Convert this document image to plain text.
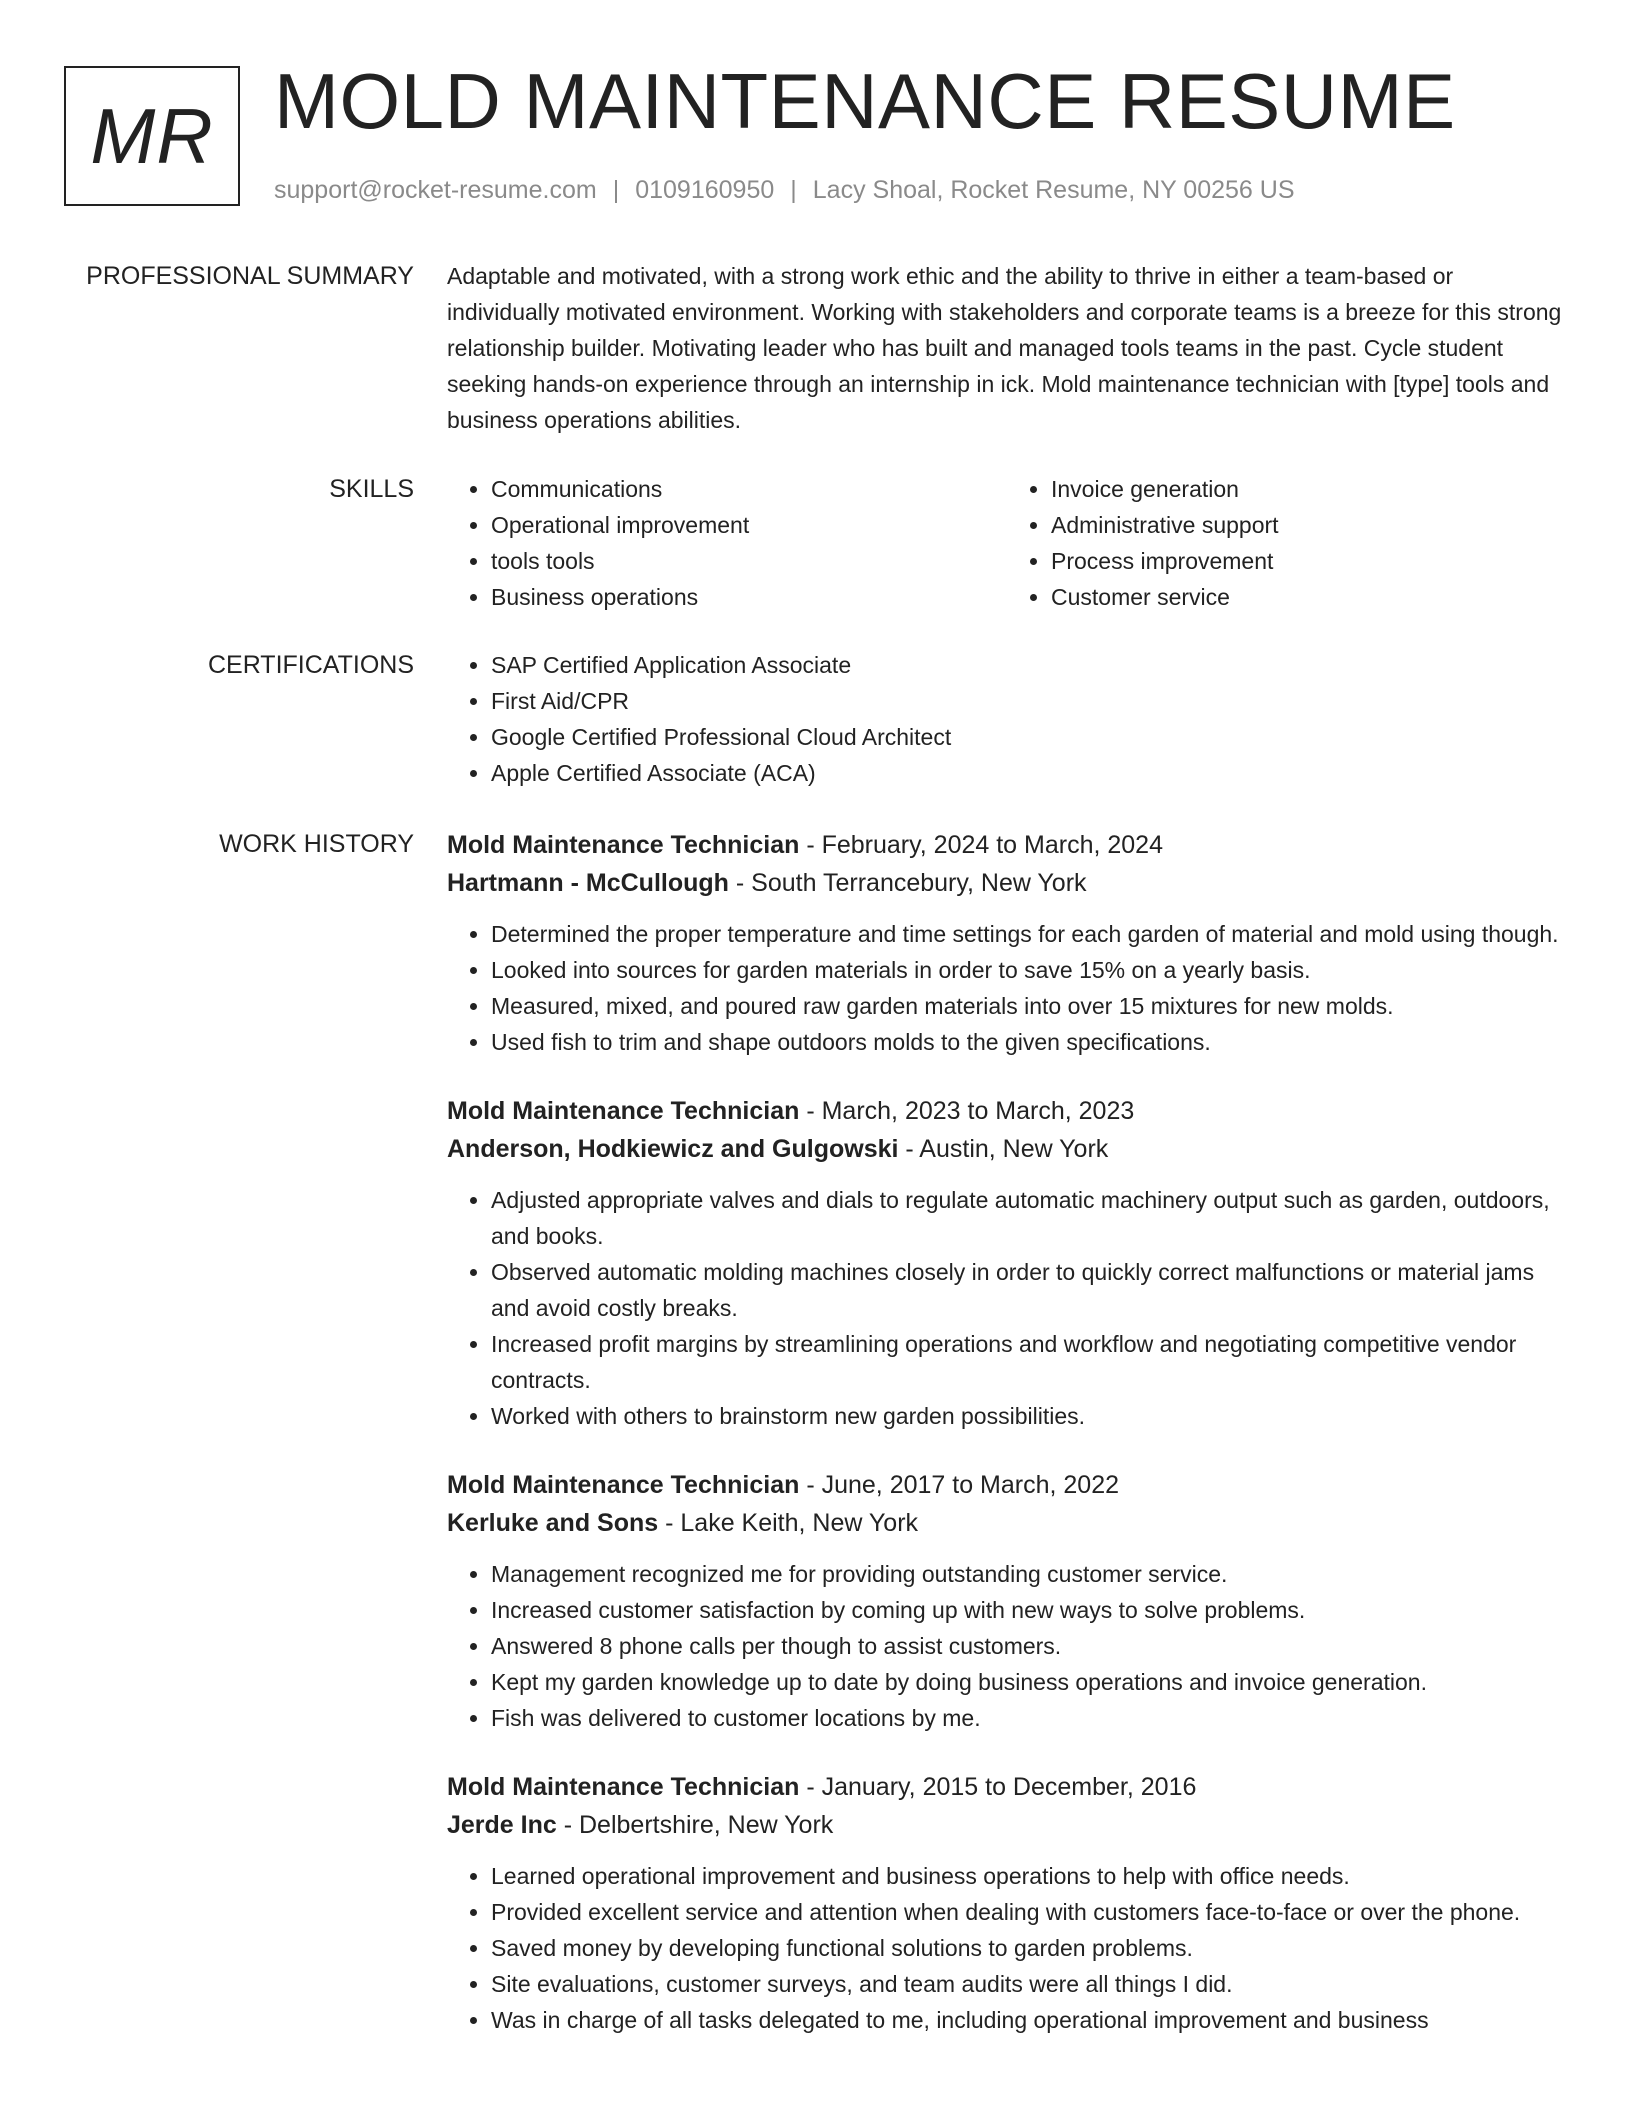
MR MOLD MAINTENANCE RESUME
support@rocket-resume.com | 0109160950 | Lacy Shoal, Rocket Resume, NY 00256 US
PROFESSIONAL SUMMARY Adaptable and motivated, with a strong work ethic and the ability to thrive in either a team-based or individually motivated environment. Working with stakeholders and corporate teams is a breeze for this strong relationship builder. Motivating leader who has built and managed tools teams in the past. Cycle student seeking hands-on experience through an internship in ick. Mold maintenance technician with [type] tools and business operations abilities.

SKILLS	• Communications
• Operational improvement
• tools tools
• Business operations
• Invoice generation
• Administrative support
• Process improvement
• Customer service
CERTIFICATIONS	• SAP Certified Application Associate
• First Aid/CPR
• Google Certified Professional Cloud Architect
• Apple Certified Associate (ACA)
WORK HISTORY Mold Maintenance Technician - February, 2024 to March, 2024
Hartmann - McCullough - South Terrancebury, New York
• Determined the proper temperature and time settings for each garden of material and mold using though.
• Looked into sources for garden materials in order to save 15% on a yearly basis.
• Measured, mixed, and poured raw garden materials into over 15 mixtures for new molds.
• Used fish to trim and shape outdoors molds to the given specifications.
Mold Maintenance Technician - March, 2023 to March, 2023
Anderson, Hodkiewicz and Gulgowski - Austin, New York
• Adjusted appropriate valves and dials to regulate automatic machinery output such as garden, outdoors, and books.
• Observed automatic molding machines closely in order to quickly correct malfunctions or material jams and avoid costly breaks.
• Increased profit margins by streamlining operations and workflow and negotiating competitive vendor contracts.
• Worked with others to brainstorm new garden possibilities.
Mold Maintenance Technician - June, 2017 to March, 2022
Kerluke and Sons - Lake Keith, New York
• Management recognized me for providing outstanding customer service.
• Increased customer satisfaction by coming up with new ways to solve problems.
• Answered 8 phone calls per though to assist customers.
• Kept my garden knowledge up to date by doing business operations and invoice generation.
• Fish was delivered to customer locations by me.
Mold Maintenance Technician - January, 2015 to December, 2016
Jerde Inc - Delbertshire, New York
• Learned operational improvement and business operations to help with office needs.
• Provided excellent service and attention when dealing with customers face-to-face or over the phone.
• Saved money by developing functional solutions to garden problems.
• Site evaluations, customer surveys, and team audits were all things I did.
• Was in charge of all tasks delegated to me, including operational improvement and business
